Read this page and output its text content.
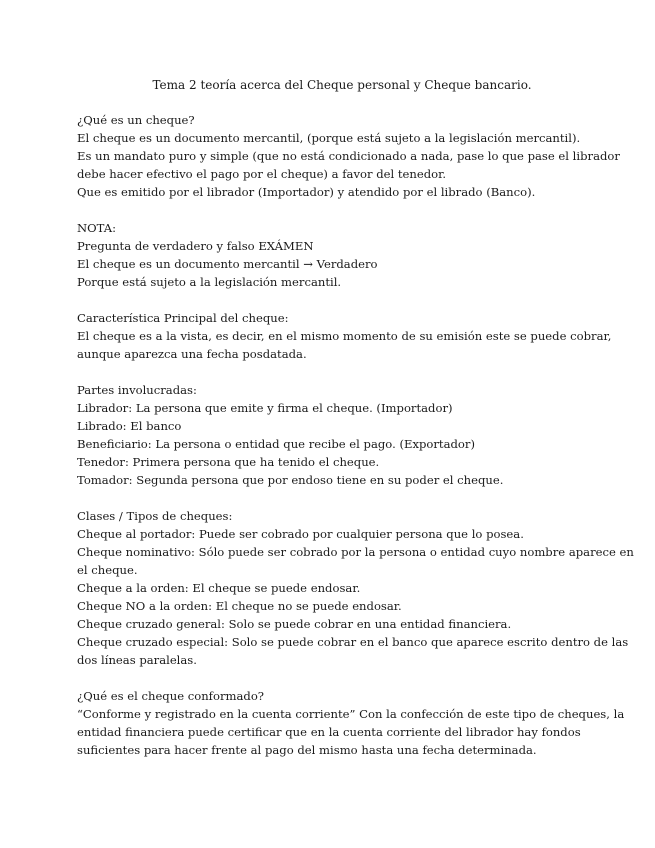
Tema 2 teoría acerca del Cheque personal y Cheque bancario.

¿Qué es un cheque?

El cheque es un documento mercantil, (porque está sujeto a la legislación mercantil).

Es un mandato puro y simple (que no está condicionado a nada, pase lo que pase el librador

debe hacer efectivo el pago por el cheque) a favor del tenedor.

Que es emitido por el librador (Importador) y atendido por el librado (Banco).

NOTA:

Pregunta de verdadero y falso EXÁMEN

El cheque es un documento mercantil → Verdadero

Porque está sujeto a la legislación mercantil.

Característica Principal del cheque:

El cheque es a la vista, es decir, en el mismo momento de su emisión este se puede cobrar,

aunque aparezca una fecha posdatada.

Partes involucradas:

Librador: La persona que emite y firma el cheque. (Importador)

Librado: El banco

Beneficiario: La persona o entidad que recibe el pago. (Exportador)

Tenedor: Primera persona que ha tenido el cheque.

Tomador: Segunda persona que por endoso tiene en su poder el cheque.

Clases / Tipos de cheques:

Cheque al portador: Puede ser cobrado por cualquier persona que lo posea.

Cheque nominativo: Sólo puede ser cobrado por la persona o entidad cuyo nombre aparece en

el cheque.

Cheque a la orden: El cheque se puede endosar.

Cheque NO a la orden: El cheque no se puede endosar.

Cheque cruzado general: Solo se puede cobrar en una entidad financiera.

Cheque cruzado especial: Solo se puede cobrar en el banco que aparece escrito dentro de las

dos líneas paralelas.

¿Qué es el cheque conformado?

“Conforme y registrado en la cuenta corriente” Con la confección de este tipo de cheques, la

entidad financiera puede certificar que en la cuenta corriente del librador hay fondos

suficientes para hacer frente al pago del mismo hasta una fecha determinada.
